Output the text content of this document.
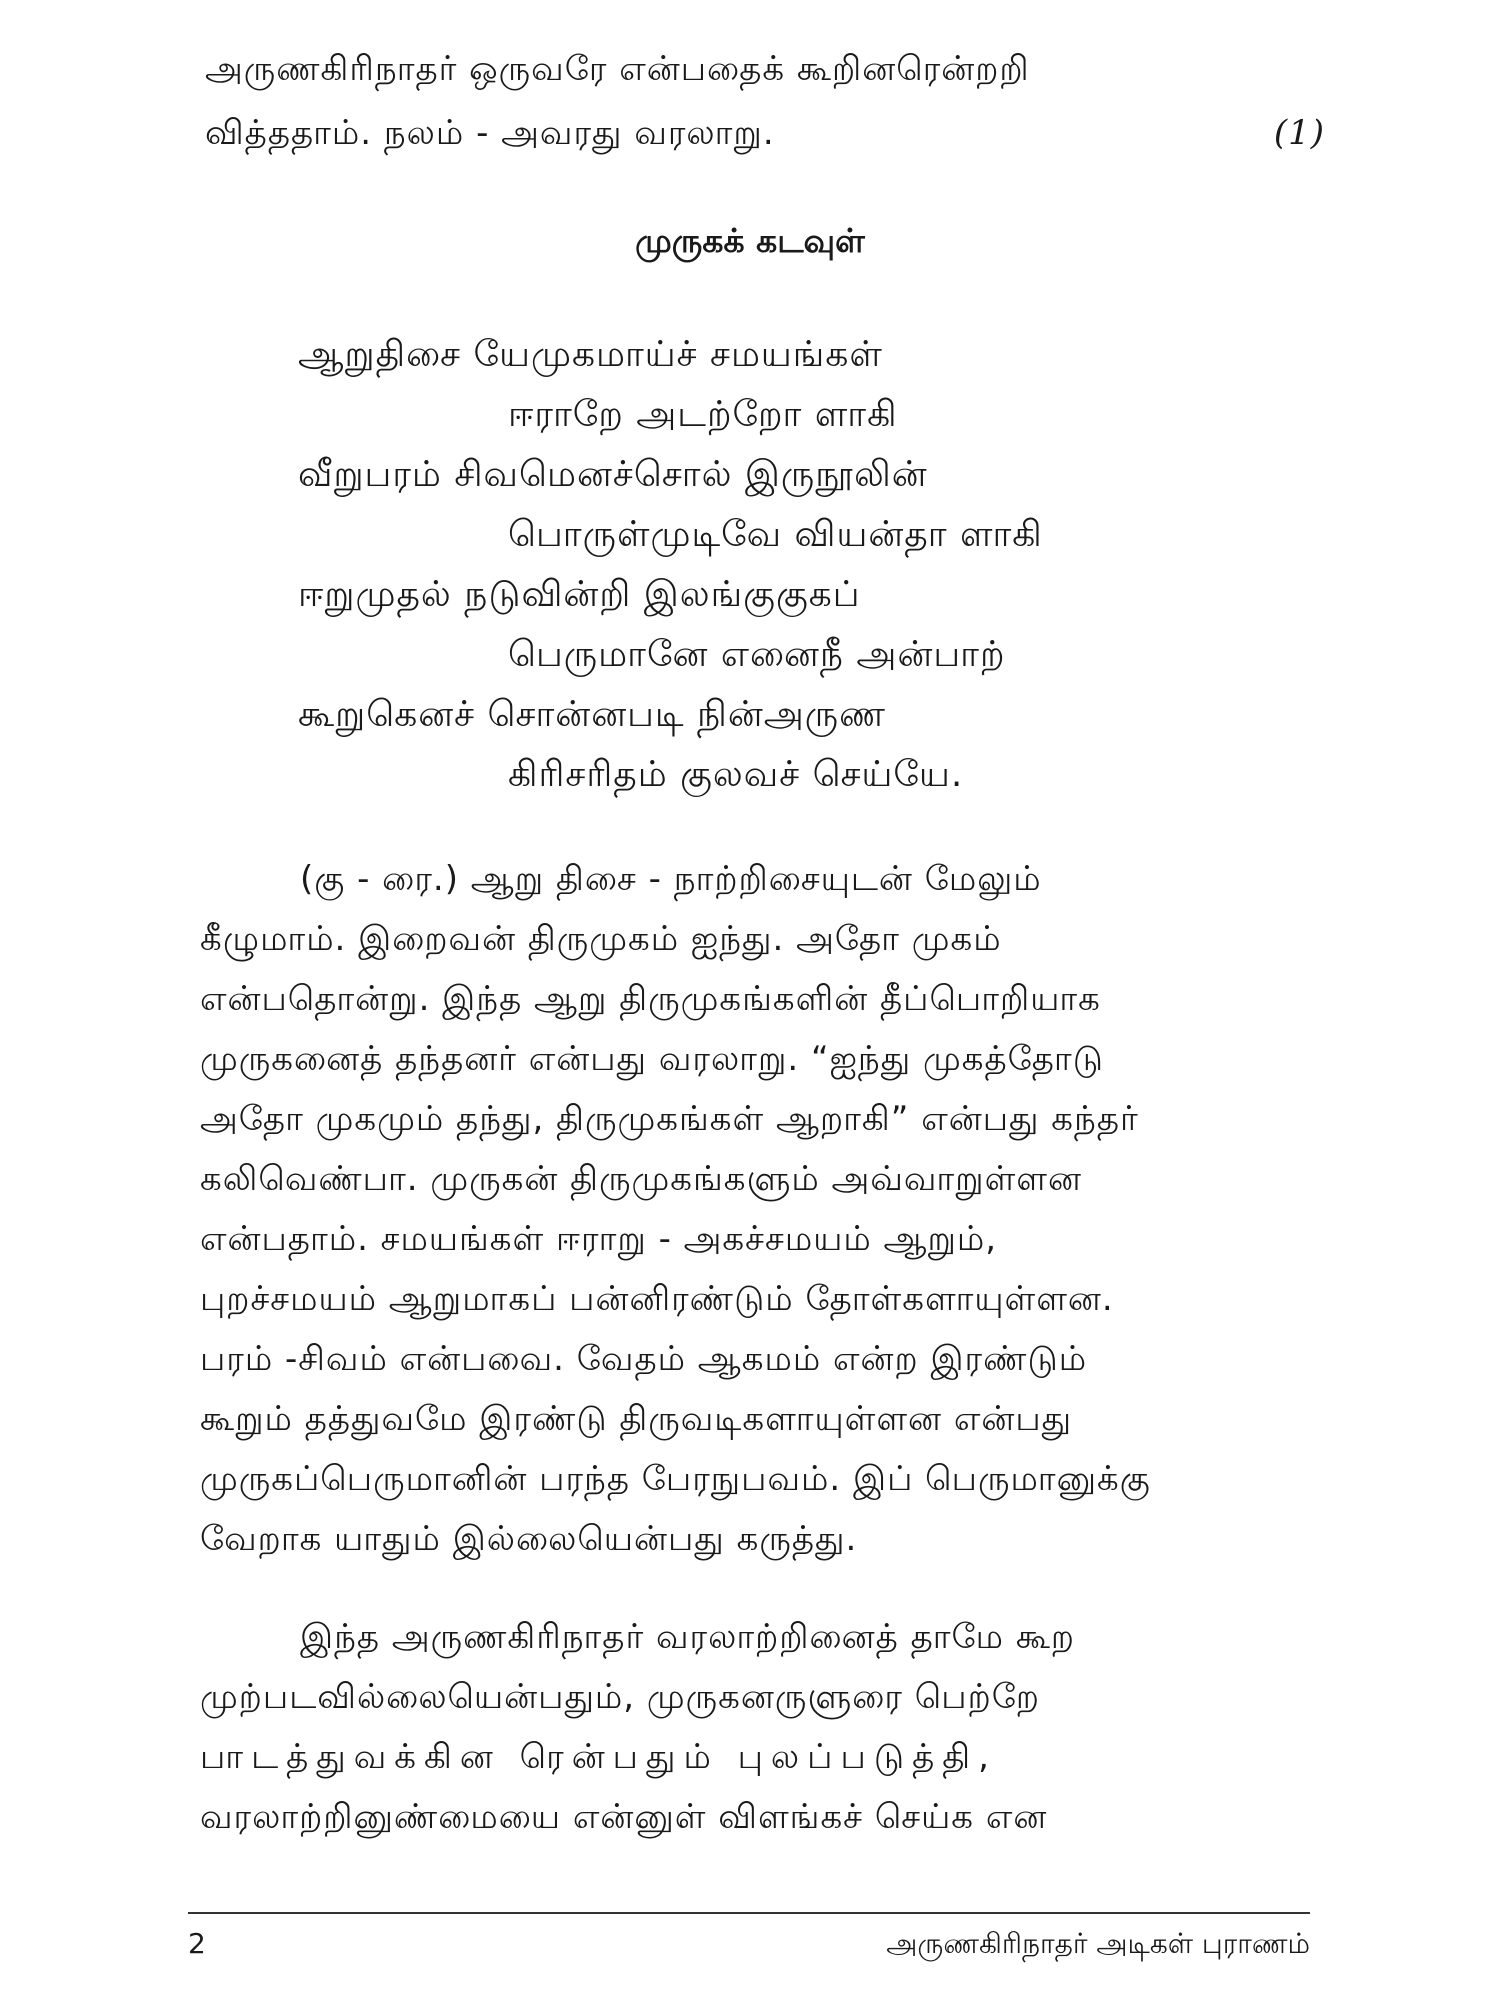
அருணகிரிநாதர் ஒருவரே என்பதைக் கூறினரென்றறி
வித்ததாம். நலம் - அவரது வரலாறு.	(1)
முருகக் கடவுள்
ஆறுதிசை யேமுகமாய்ச் சமயங்கள்
ஈராறே அடற்றோ ளாகி
வீறுபரம் சிவமெனச்சொல் இருநூலின்
பொருள்முடிவே வியன்தா ளாகி
ஈறுமுதல் நடுவின்றி இலங்குகுகப்
பெருமானே எனைநீ அன்பாற்
கூறுகெனச் சொன்னபடி நின்அருண
கிரிசரிதம் குலவச் செய்யே.
(கு - ரை.) ஆறு திசை - நாற்றிசையுடன் மேலும்
கீழுமாம். இறைவன் திருமுகம் ஐந்து. அதோ முகம்
என்பதொன்று. இந்த ஆறு திருமுகங்களின் தீப்பொறியாக
முருகனைத் தந்தனர் என்பது வரலாறு. “ஐந்து முகத்தோடு
அதோ முகமும் தந்து, திருமுகங்கள் ஆறாகி” என்பது கந்தர்
கலிவெண்பா. முருகன் திருமுகங்களும் அவ்வாறுள்ளன
என்பதாம். சமயங்கள் ஈராறு - அகச்சமயம் ஆறும்,
புறச்சமயம் ஆறுமாகப் பன்னிரண்டும் தோள்களாயுள்ளன.
பரம் -சிவம் என்பவை. வேதம் ஆகமம் என்ற இரண்டும்
கூறும் தத்துவமே இரண்டு திருவடிகளாயுள்ளன என்பது
முருகப்பெருமானின் பரந்த பேரநுபவம். இப் பெருமானுக்கு
வேறாக யாதும் இல்லையென்பது கருத்து.
இந்த அருணகிரிநாதர் வரலாற்றினைத் தாமே கூற
முற்படவில்லையென்பதும், முருகனருளுரை பெற்றே
பாடத்துவக்கின ரென்பதும் புலப்படுத்தி,
வரலாற்றினுண்மையை என்னுள் விளங்கச் செய்க என
2	அருணகிரிநாதர் அடிகள் புராணம்
